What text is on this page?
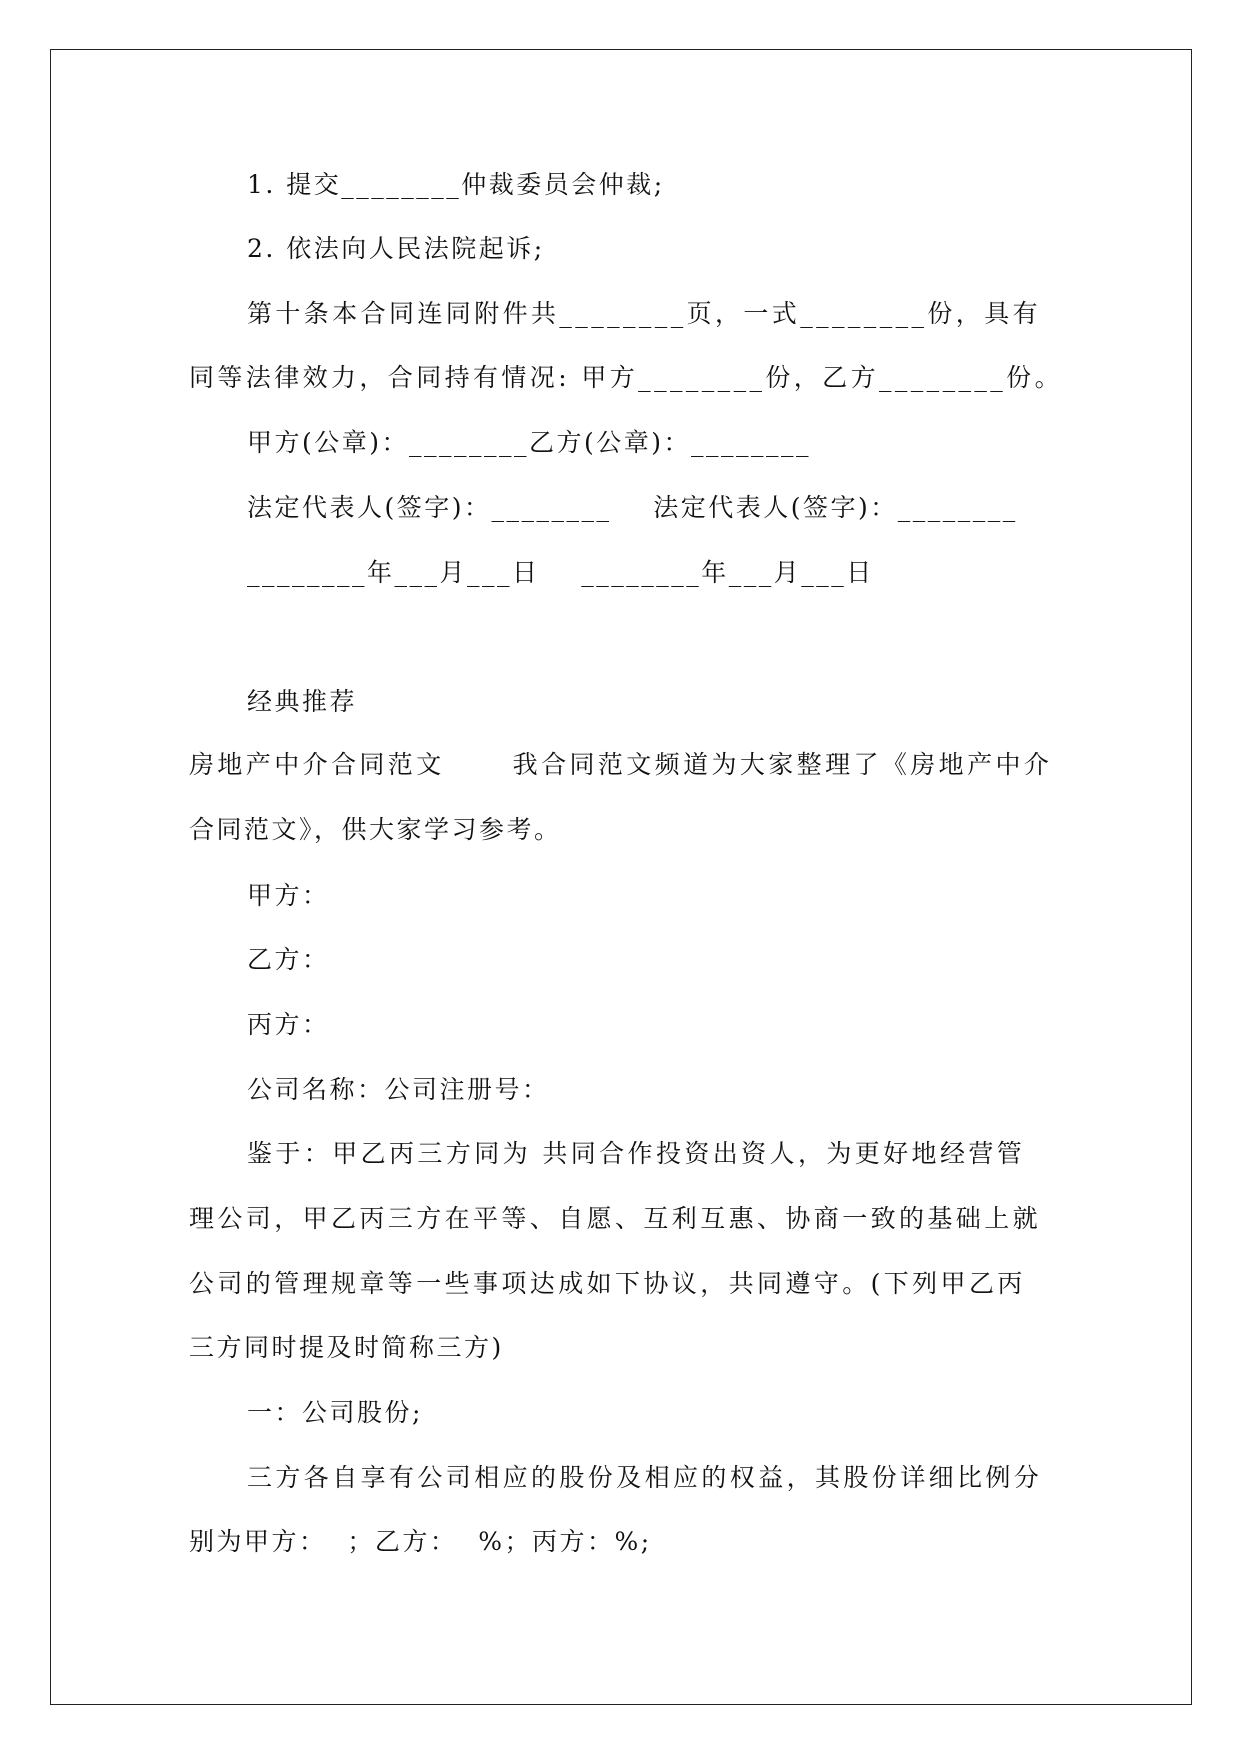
1. 提交________仲裁委员会仲裁;
2. 依法向人民法院起诉;
第十条本合同连同附件共________页，一式________份，具有
同等法律效力，合同持有情况: 甲方________份，乙方________份。
甲方(公章)：________乙方(公章)：________
法定代表人(签字)：________    法定代表人(签字)：________
________年___月___日    ________年___月___日
经典推荐
房地产中介合同范文      我合同范文频道为大家整理了《房地产中介
合同范文》，供大家学习参考。
甲方：
乙方：
丙方：
公司名称：公司注册号：
鉴于：甲乙丙三方同为 共同合作投资出资人，为更好地经营管
理公司，甲乙丙三方在平等、自愿、互利互惠、协商一致的基础上就
公司的管理规章等一些事项达成如下协议，共同遵守。(下列甲乙丙
三方同时提及时简称三方)
一：公司股份;
三方各自享有公司相应的股份及相应的权益，其股份详细比例分
别为甲方：  ；乙方：  %；丙方：%;
